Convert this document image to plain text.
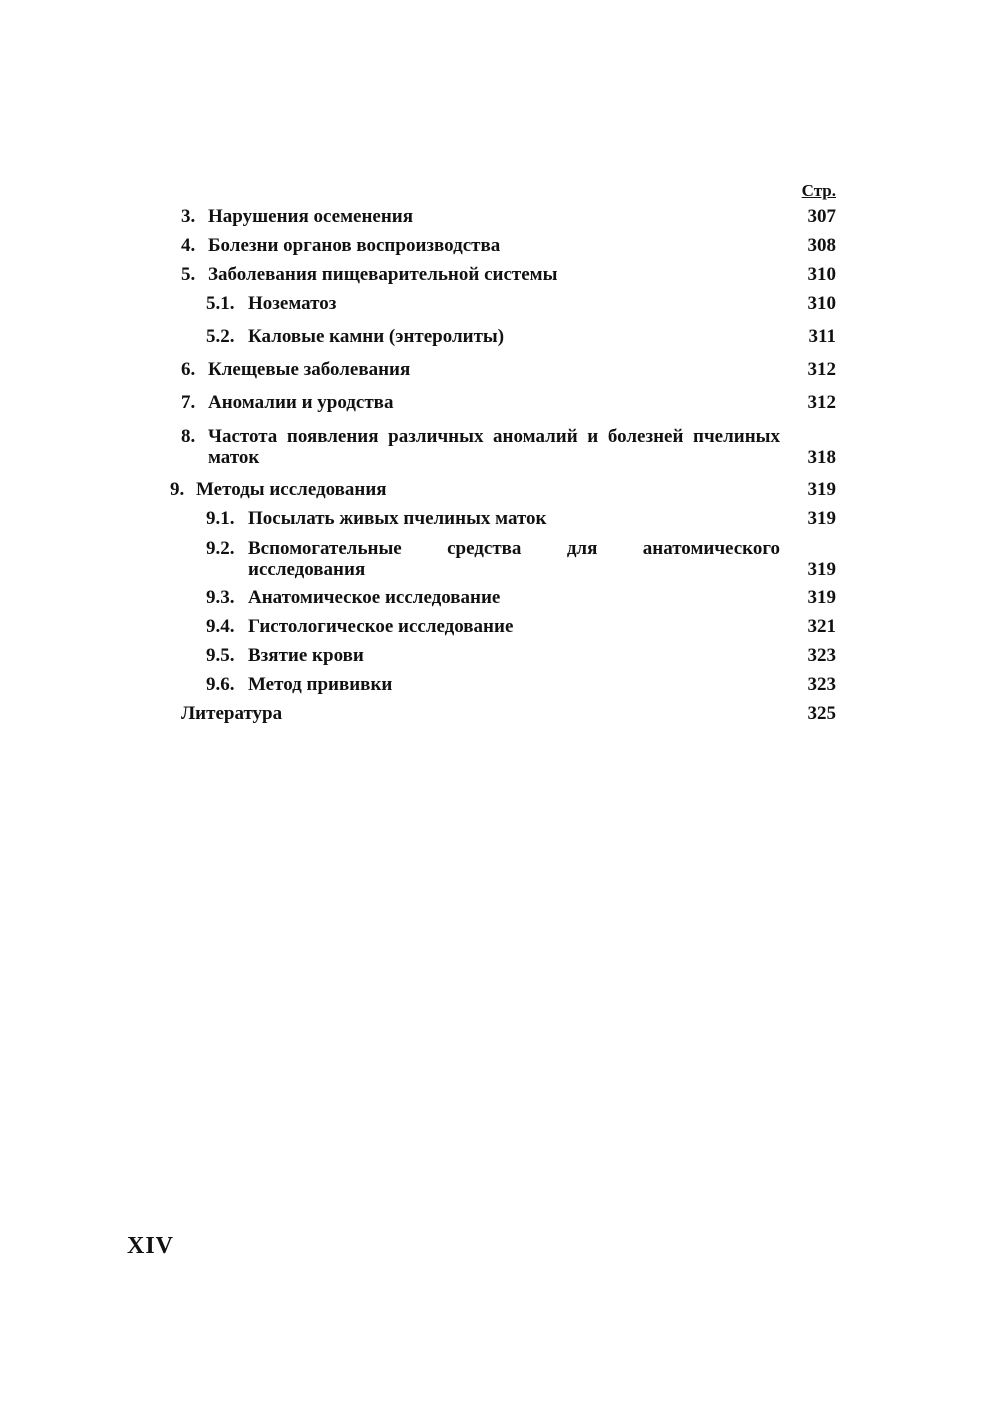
Стр.
3. Нарушения осеменения	307
4. Болезни органов воспроизводства	308
5. Заболевания пищеварительной системы	310
5.1. Нозематоз	310
5.2. Каловые камни (энтеролиты)	311
6. Клещевые заболевания	312
7. Аномалии и уродства	312
8. Частота появления различных аномалий и болезней пчелиных маток	318
9. Методы исследования	319
9.1. Посылать живых пчелиных маток	319
9.2. Вспомогательные средства для анатомического исследования	319
9.3. Анатомическое исследование	319
9.4. Гистологическое исследование	321
9.5. Взятие крови	323
9.6. Метод прививки	323
Литература	325
XIV
